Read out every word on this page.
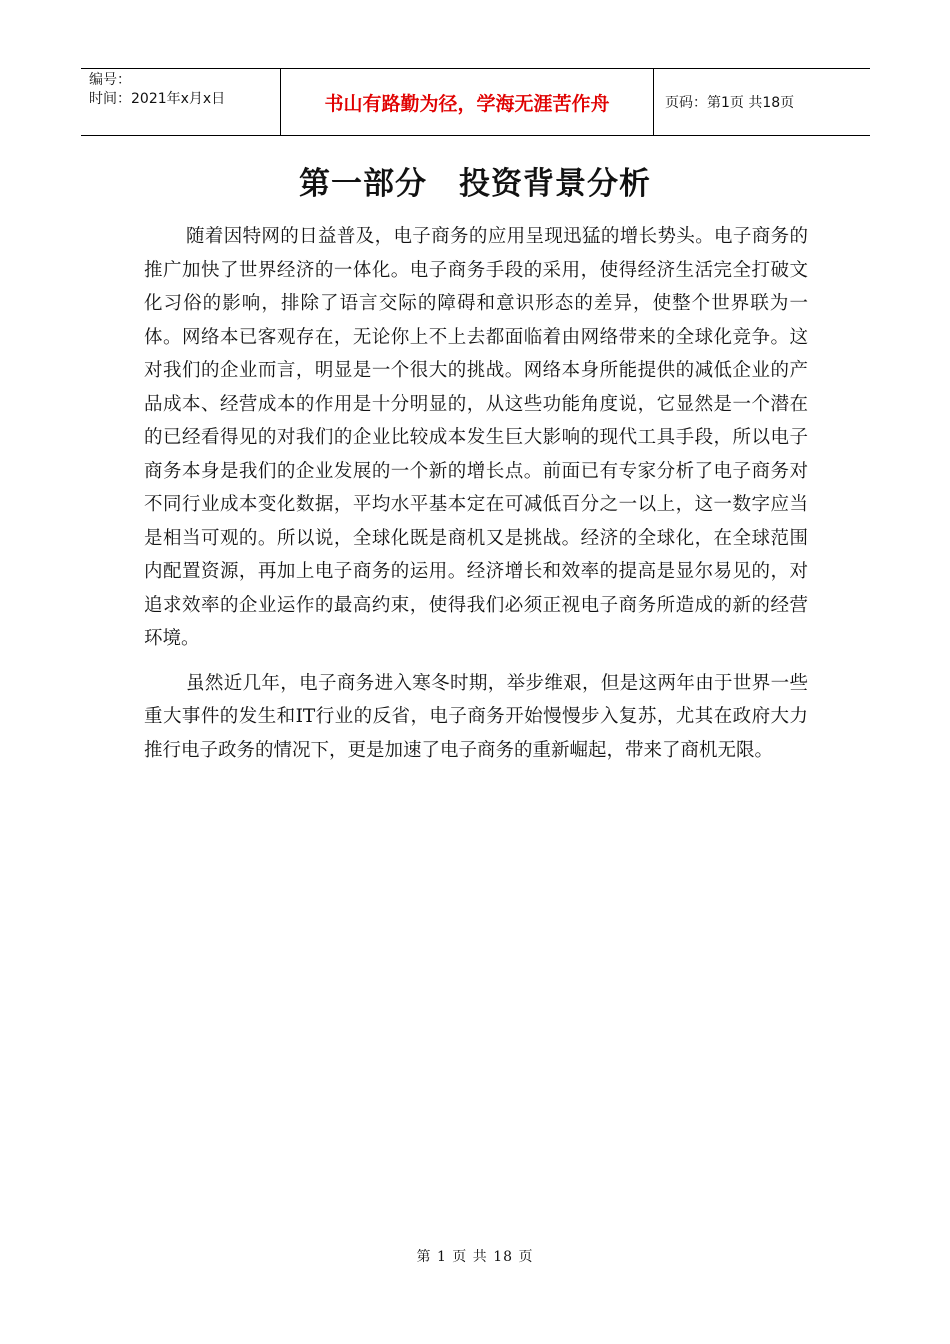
编号：
时间：2021年x月x日	书山有路勤为径，学海无涯苦作舟	页码：第1页 共18页
第一部分　投资背景分析

随着因特网的日益普及，电子商务的应用呈现迅猛的增长势头。电子商务的推广加快了世界经济的一体化。电子商务手段的采用，使得经济生活完全打破文化习俗的影响，排除了语言交际的障碍和意识形态的差异，使整个世界联为一体。网络本已客观存在，无论你上不上去都面临着由网络带来的全球化竞争。这对我们的企业而言，明显是一个很大的挑战。网络本身所能提供的减低企业的产品成本、经营成本的作用是十分明显的，从这些功能角度说，它显然是一个潜在的已经看得见的对我们的企业比较成本发生巨大影响的现代工具手段，所以电子商务本身是我们的企业发展的一个新的增长点。前面已有专家分析了电子商务对不同行业成本变化数据，平均水平基本定在可减低百分之一以上，这一数字应当是相当可观的。所以说，全球化既是商机又是挑战。经济的全球化，在全球范围内配置资源，再加上电子商务的运用。经济增长和效率的提高是显尔易见的，对追求效率的企业运作的最高约束，使得我们必须正视电子商务所造成的新的经营环境。

虽然近几年，电子商务进入寒冬时期，举步维艰，但是这两年由于世界一些重大事件的发生和IT行业的反省，电子商务开始慢慢步入复苏，尤其在政府大力推行电子政务的情况下，更是加速了电子商务的重新崛起，带来了商机无限。

第 1 页 共 18 页
